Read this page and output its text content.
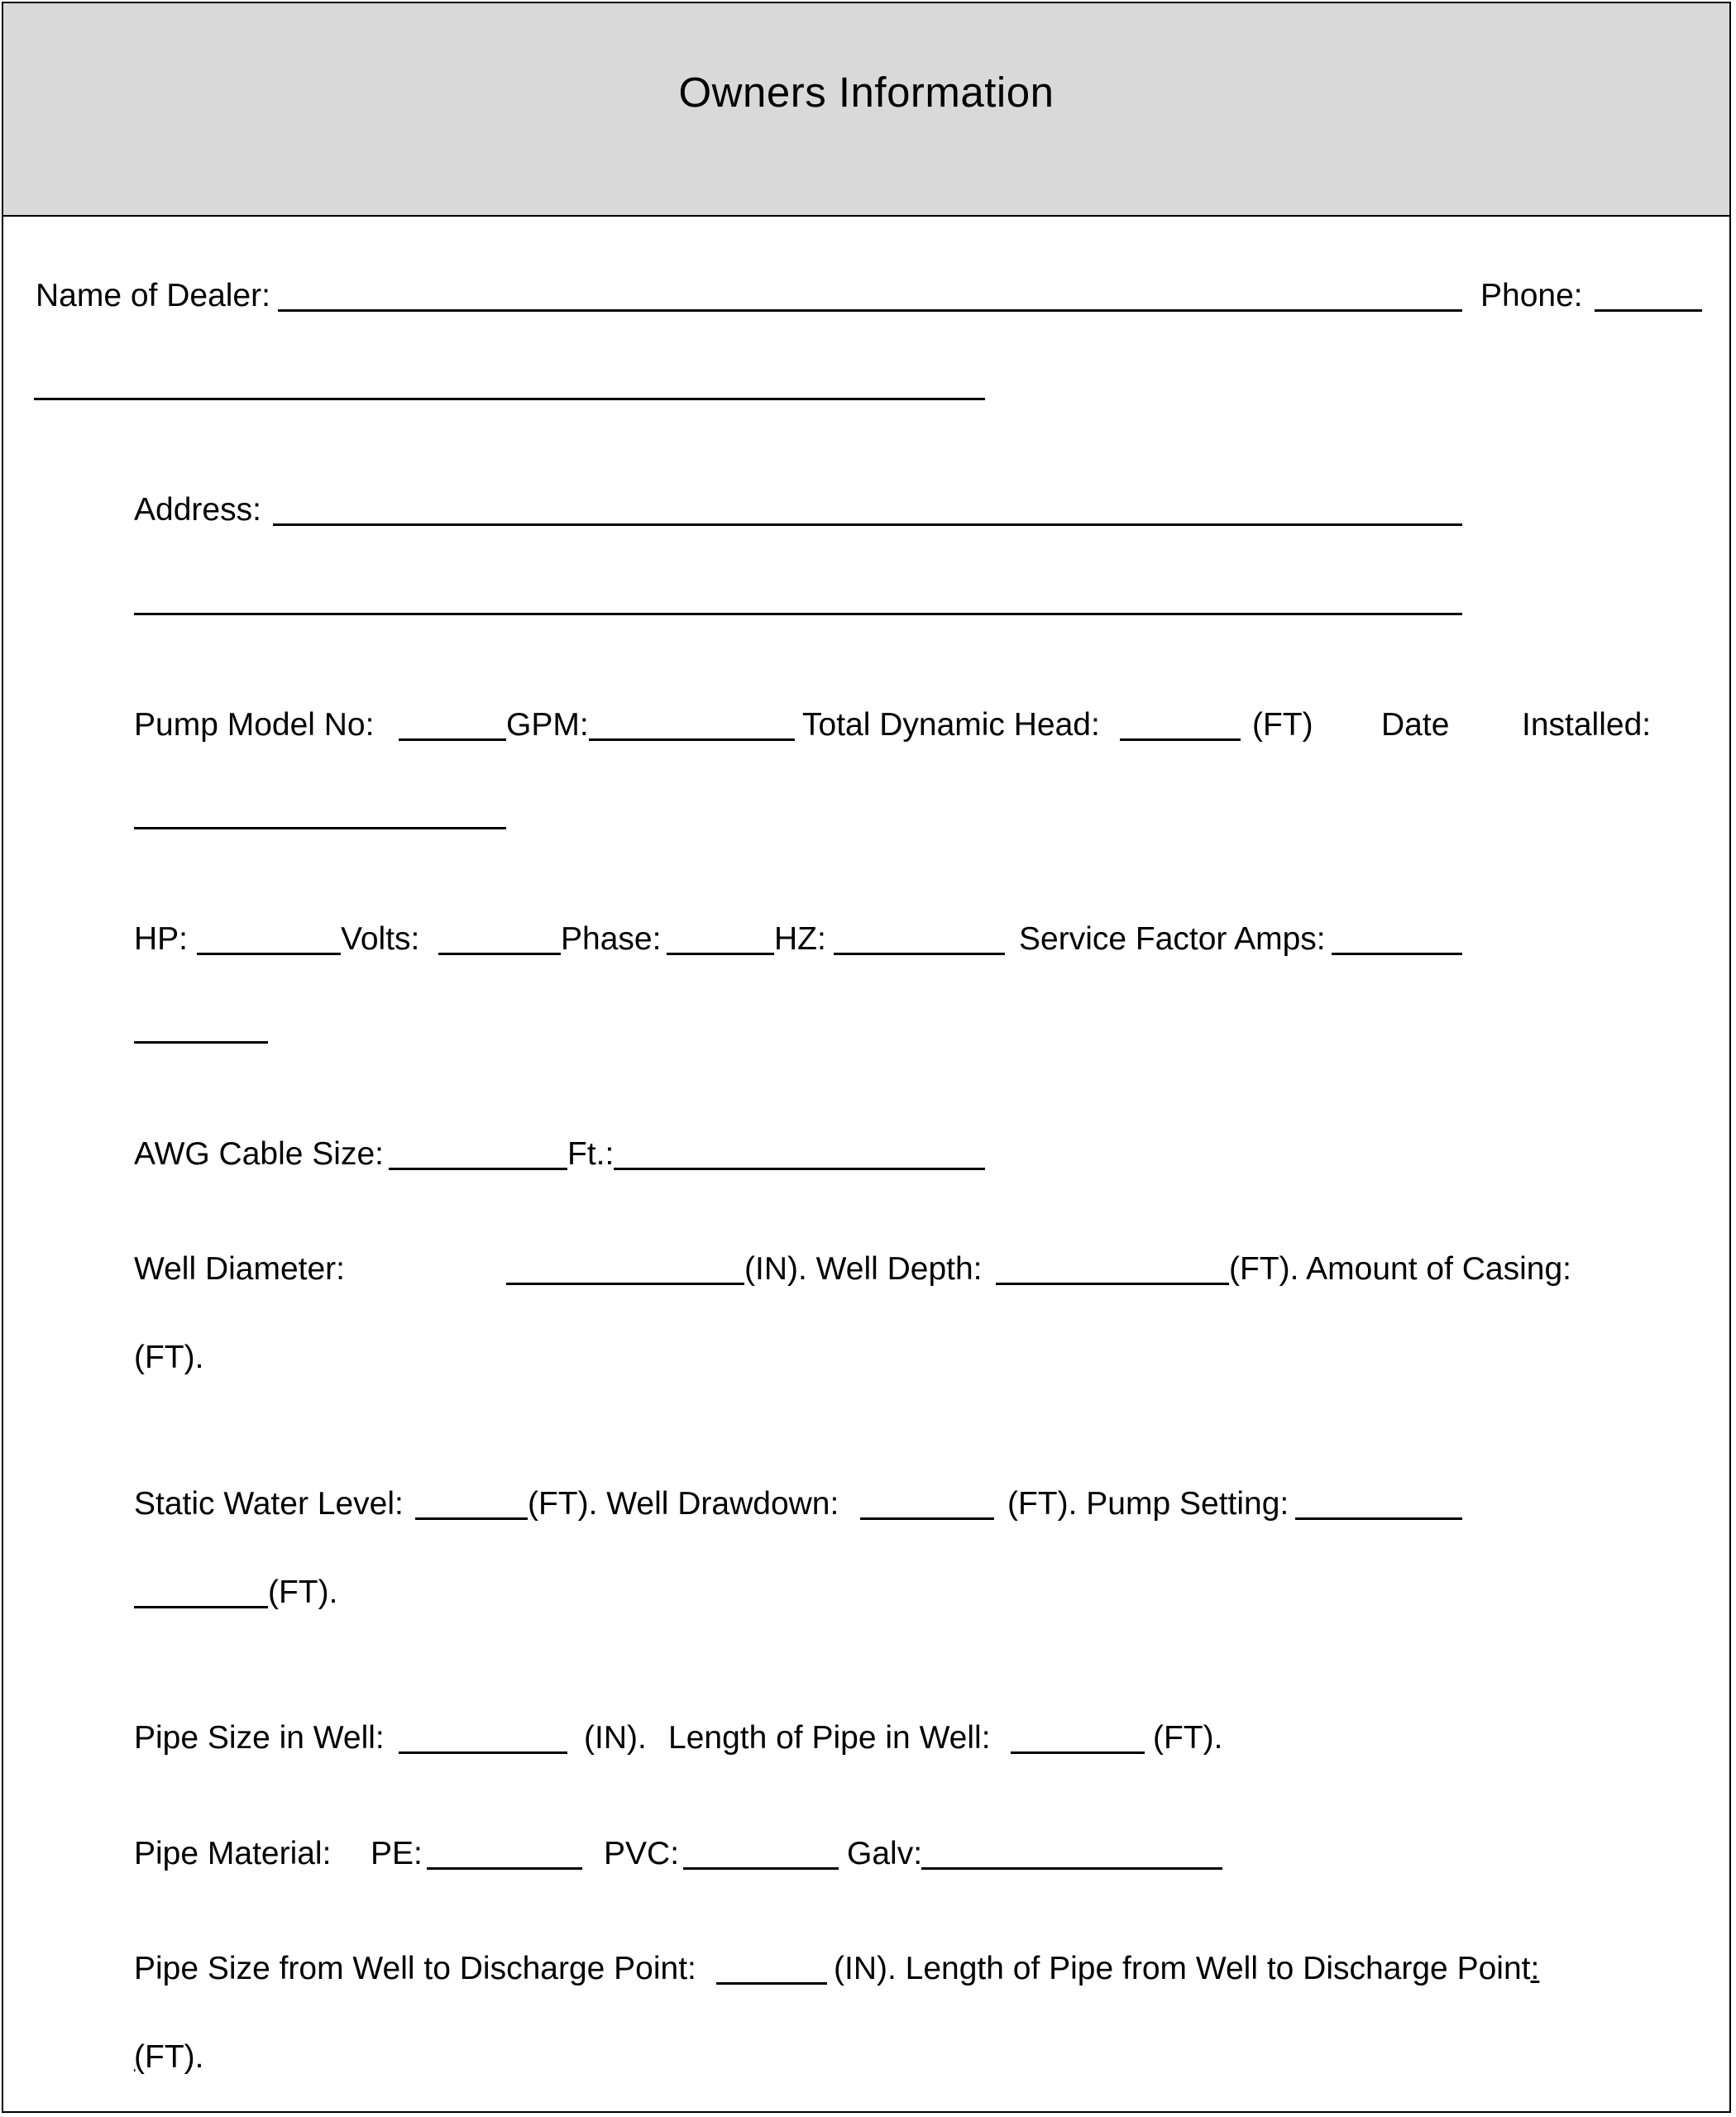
Owners Information
Name of Dealer:	Phone:
Address:
Pump Model No:	GPM:	Total Dynamic Head:	(FT) Date Installed:
HP:	Volts:	Phase:	HZ:	Service Factor Amps:
AWG Cable Size:	Ft.:
Well Diameter:	(IN). Well Depth:	(FT). Amount of Casing:
(FT).
Static Water Level:	(FT). Well Drawdown:	(FT). Pump Setting:
(FT).
Pipe Size in Well:	(IN). Length of Pipe in Well:	(FT).
Pipe Material: PE:	PVC:	Galv:
Pipe Size from Well to Discharge Point:	(IN). Length of Pipe from Well to Discharge Point:
(FT).
